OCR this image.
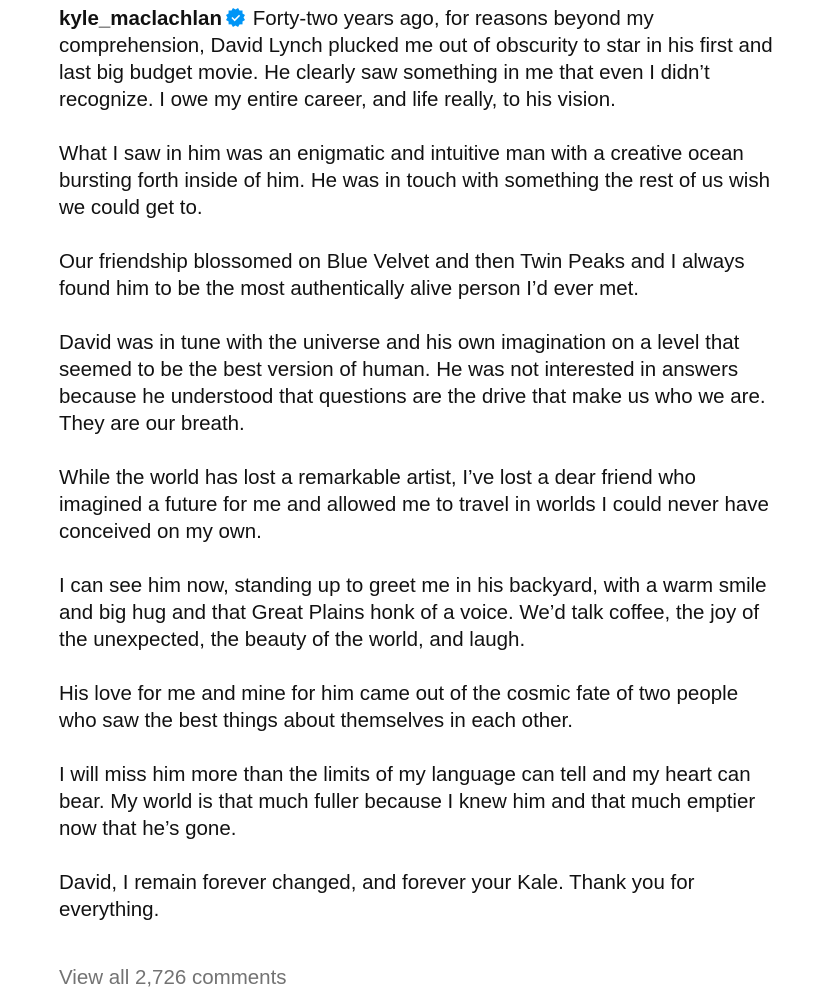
kyle_maclachlan Forty-two years ago, for reasons beyond my comprehension, David Lynch plucked me out of obscurity to star in his first and last big budget movie. He clearly saw something in me that even I didn’t recognize. I owe my entire career, and life really, to his vision.

What I saw in him was an enigmatic and intuitive man with a creative ocean bursting forth inside of him. He was in touch with something the rest of us wish we could get to.

Our friendship blossomed on Blue Velvet and then Twin Peaks and I always found him to be the most authentically alive person I’d ever met.

David was in tune with the universe and his own imagination on a level that seemed to be the best version of human. He was not interested in answers because he understood that questions are the drive that make us who we are. They are our breath.

While the world has lost a remarkable artist, I’ve lost a dear friend who imagined a future for me and allowed me to travel in worlds I could never have conceived on my own.

I can see him now, standing up to greet me in his backyard, with a warm smile and big hug and that Great Plains honk of a voice. We’d talk coffee, the joy of the unexpected, the beauty of the world, and laugh.

His love for me and mine for him came out of the cosmic fate of two people who saw the best things about themselves in each other.

I will miss him more than the limits of my language can tell and my heart can bear. My world is that much fuller because I knew him and that much emptier now that he’s gone.

David, I remain forever changed, and forever your Kale. Thank you for everything.

View all 2,726 comments
